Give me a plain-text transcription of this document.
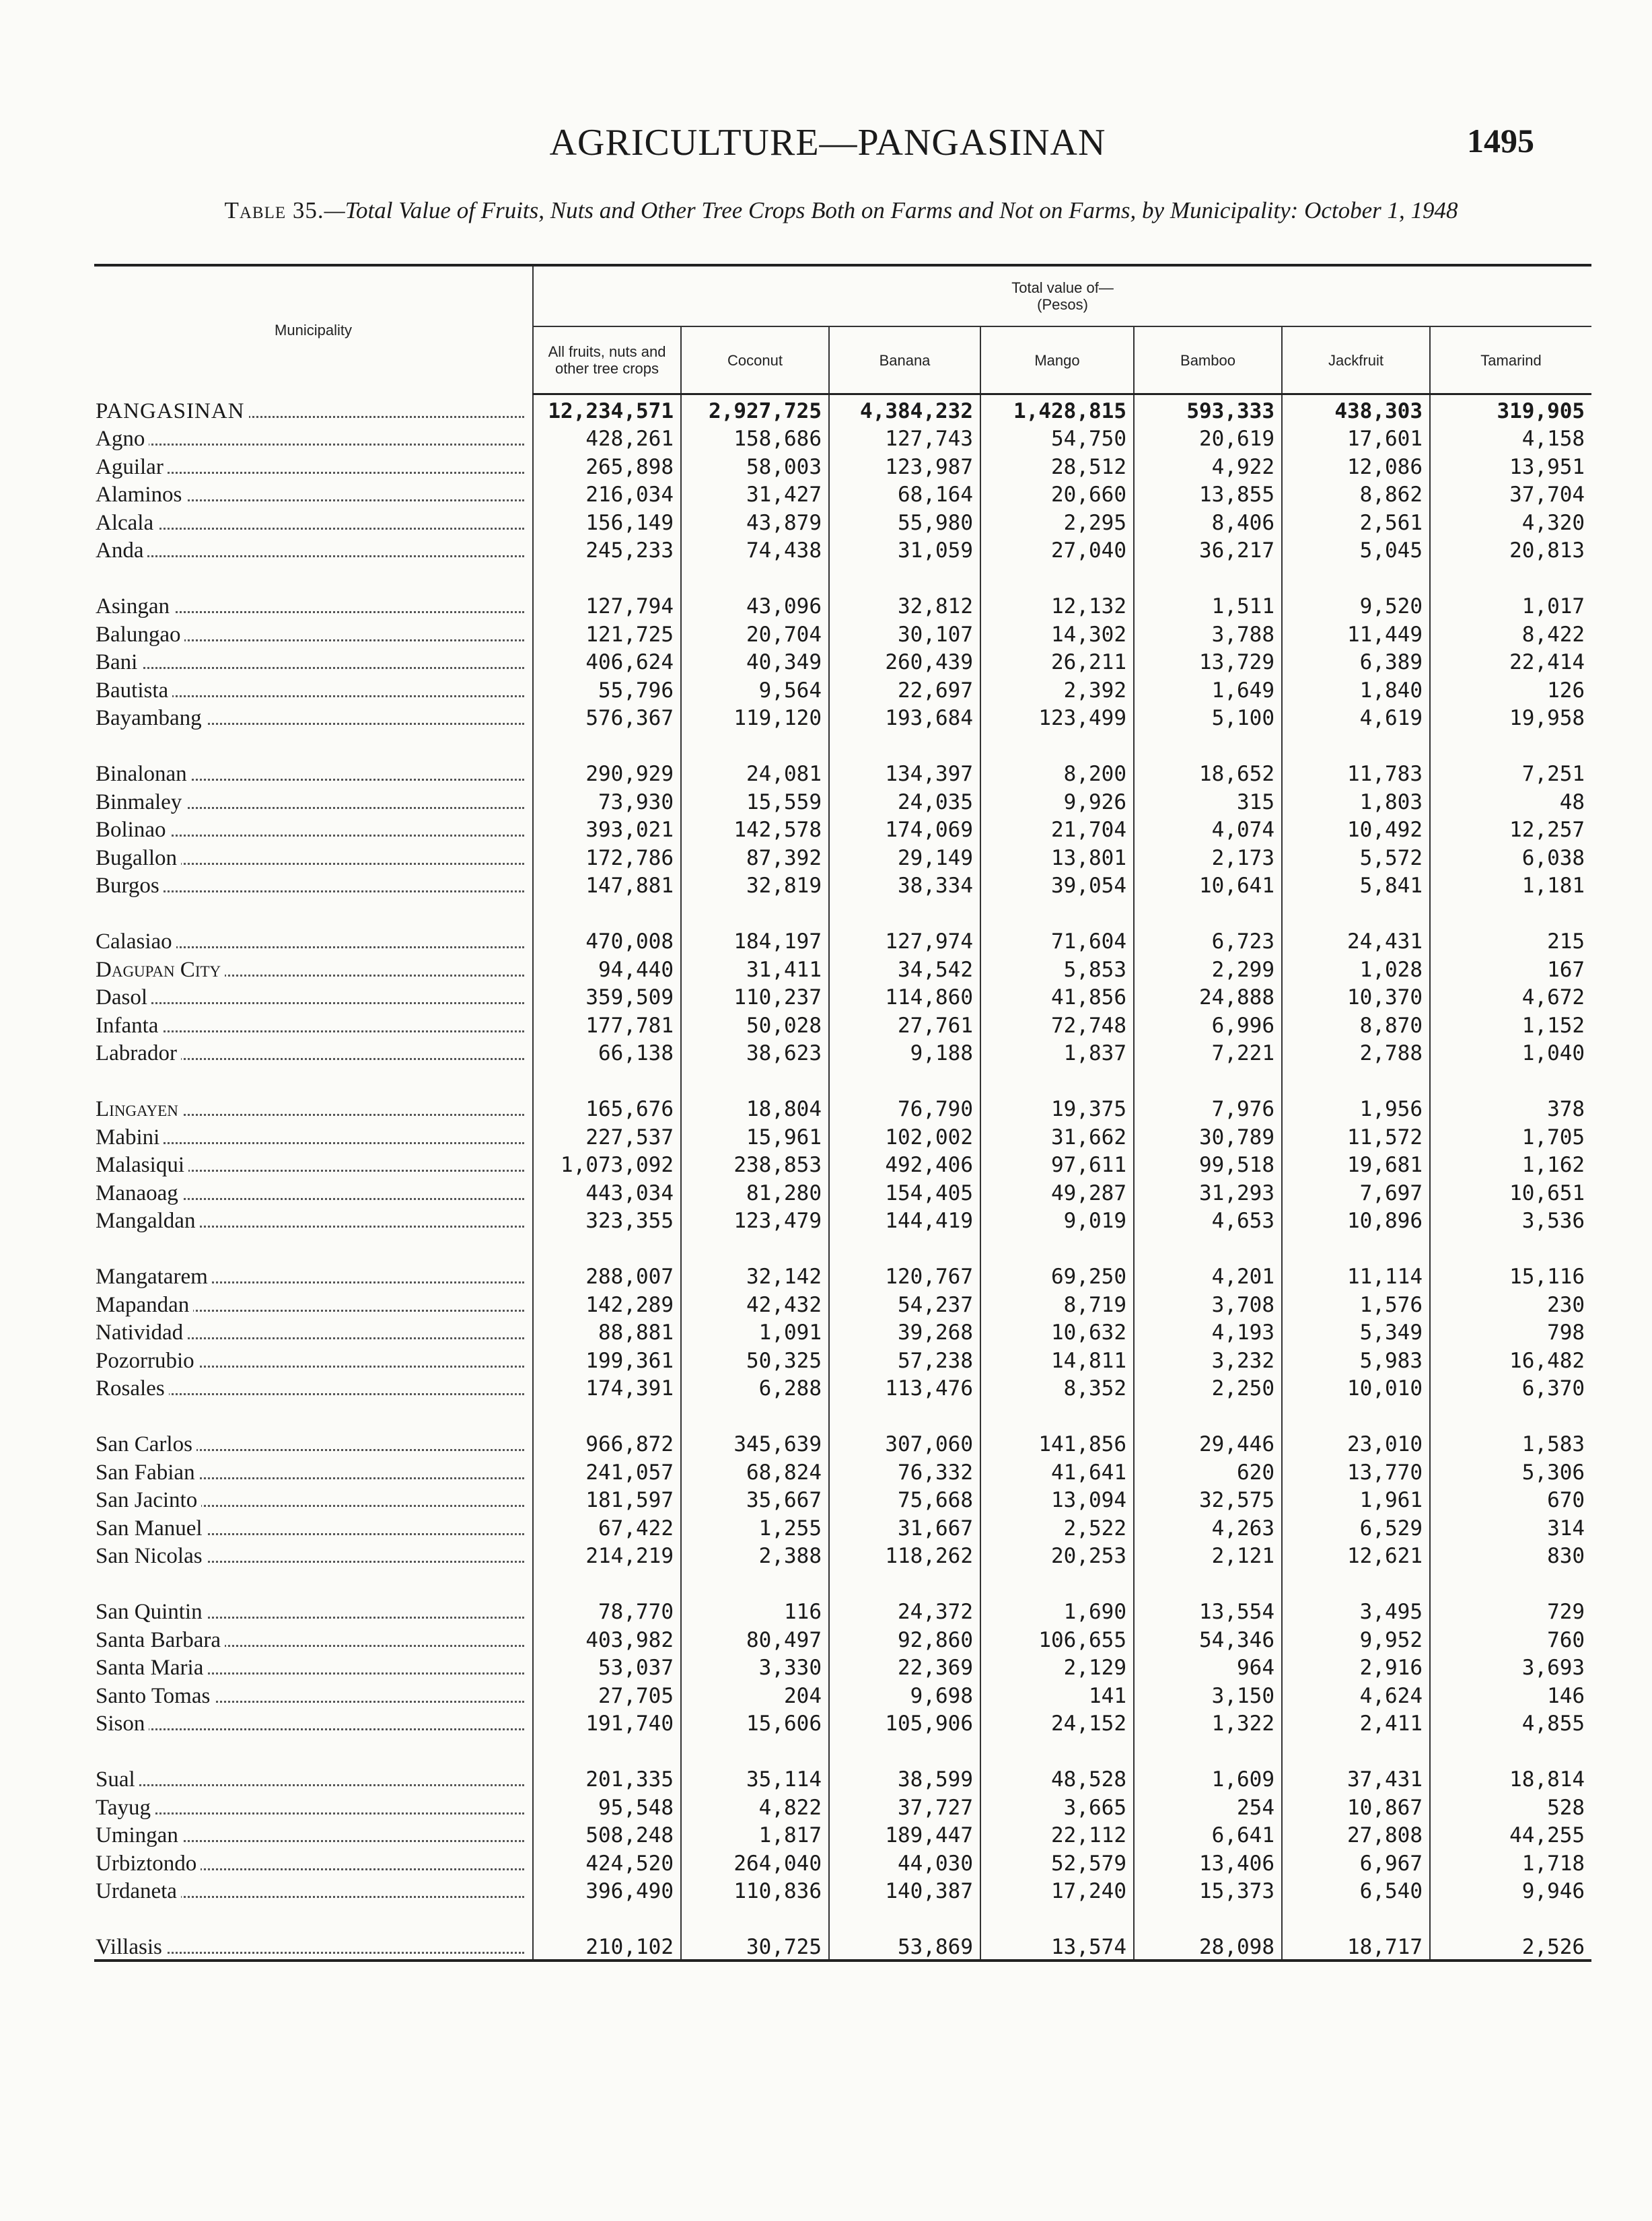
AGRICULTURE—PANGASINAN	1495
Table 35.—Total Value of Fruits, Nuts and Other Tree Crops Both on Farms and Not on Farms, by Municipality: October 1, 1948
Municipality	Total value of—
(Pesos)						

	All fruits, nuts and other tree crops	Coconut	Banana	Mango	Bamboo	Jackfruit	Tamarind

PANGASINAN	12,234,571	2,927,725	4,384,232	1,428,815	593,333	438,303	319,905

Agno	428,261	158,686	127,743	54,750	20,619	17,601	4,158

Aguilar	265,898	58,003	123,987	28,512	4,922	12,086	13,951

Alaminos	216,034	31,427	68,164	20,660	13,855	8,862	37,704

Alcala	156,149	43,879	55,980	2,295	8,406	2,561	4,320

Anda	245,233	74,438	31,059	27,040	36,217	5,045	20,813

Asingan	127,794	43,096	32,812	12,132	1,511	9,520	1,017

Balungao	121,725	20,704	30,107	14,302	3,788	11,449	8,422

Bani	406,624	40,349	260,439	26,211	13,729	6,389	22,414

Bautista	55,796	9,564	22,697	2,392	1,649	1,840	126

Bayambang	576,367	119,120	193,684	123,499	5,100	4,619	19,958

Binalonan	290,929	24,081	134,397	8,200	18,652	11,783	7,251

Binmaley	73,930	15,559	24,035	9,926	315	1,803	48

Bolinao	393,021	142,578	174,069	21,704	4,074	10,492	12,257

Bugallon	172,786	87,392	29,149	13,801	2,173	5,572	6,038

Burgos	147,881	32,819	38,334	39,054	10,641	5,841	1,181

Calasiao	470,008	184,197	127,974	71,604	6,723	24,431	215

Dagupan City	94,440	31,411	34,542	5,853	2,299	1,028	167

Dasol	359,509	110,237	114,860	41,856	24,888	10,370	4,672

Infanta	177,781	50,028	27,761	72,748	6,996	8,870	1,152

Labrador	66,138	38,623	9,188	1,837	7,221	2,788	1,040

Lingayen	165,676	18,804	76,790	19,375	7,976	1,956	378

Mabini	227,537	15,961	102,002	31,662	30,789	11,572	1,705

Malasiqui	1,073,092	238,853	492,406	97,611	99,518	19,681	1,162

Manaoag	443,034	81,280	154,405	49,287	31,293	7,697	10,651

Mangaldan	323,355	123,479	144,419	9,019	4,653	10,896	3,536

Mangatarem	288,007	32,142	120,767	69,250	4,201	11,114	15,116

Mapandan	142,289	42,432	54,237	8,719	3,708	1,576	230

Natividad	88,881	1,091	39,268	10,632	4,193	5,349	798

Pozorrubio	199,361	50,325	57,238	14,811	3,232	5,983	16,482

Rosales	174,391	6,288	113,476	8,352	2,250	10,010	6,370

San Carlos	966,872	345,639	307,060	141,856	29,446	23,010	1,583

San Fabian	241,057	68,824	76,332	41,641	620	13,770	5,306

San Jacinto	181,597	35,667	75,668	13,094	32,575	1,961	670

San Manuel	67,422	1,255	31,667	2,522	4,263	6,529	314

San Nicolas	214,219	2,388	118,262	20,253	2,121	12,621	830

San Quintin	78,770	116	24,372	1,690	13,554	3,495	729

Santa Barbara	403,982	80,497	92,860	106,655	54,346	9,952	760

Santa Maria	53,037	3,330	22,369	2,129	964	2,916	3,693

Santo Tomas	27,705	204	9,698	141	3,150	4,624	146

Sison	191,740	15,606	105,906	24,152	1,322	2,411	4,855

Sual	201,335	35,114	38,599	48,528	1,609	37,431	18,814

Tayug	95,548	4,822	37,727	3,665	254	10,867	528

Umingan	508,248	1,817	189,447	22,112	6,641	27,808	44,255

Urbiztondo	424,520	264,040	44,030	52,579	13,406	6,967	1,718

Urdaneta	396,490	110,836	140,387	17,240	15,373	6,540	9,946

Villasis	210,102	30,725	53,869	13,574	28,098	18,717	2,526
